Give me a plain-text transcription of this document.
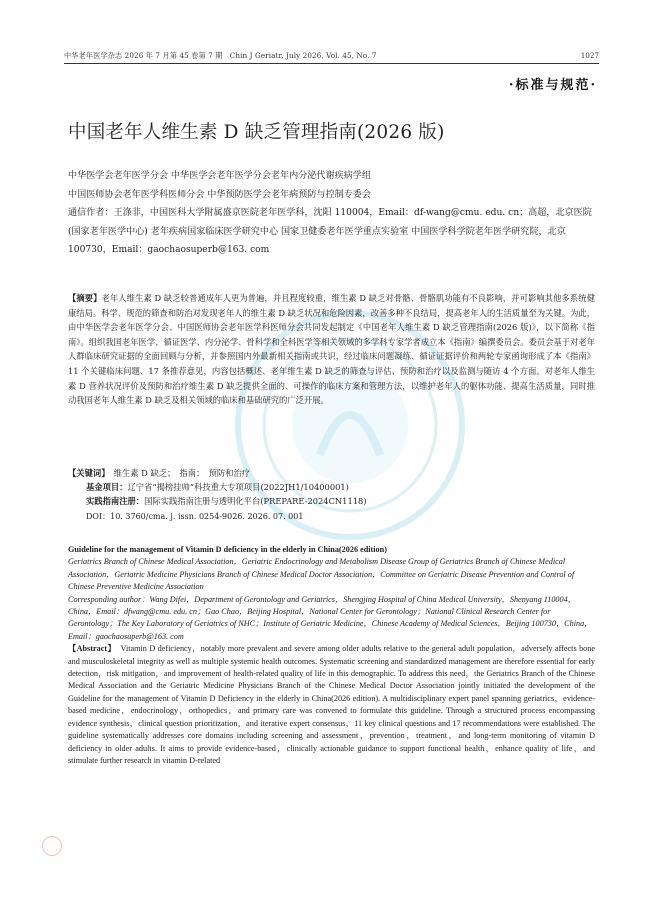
中华老年医学杂志 2026 年 7 月第 45 卷第 7 期　Chin J Geriatr, July 2026, Vol. 45, No. 7	1027
·标准与规范·
中国老年人维生素 D 缺乏管理指南(2026 版)

中华医学会老年医学分会 中华医学会老年医学分会老年内分泌代谢疾病学组

中国医师协会老年医学科医师分会 中华预防医学会老年病预防与控制专委会

通信作者：王涤非，中国医科大学附属盛京医院老年医学科，沈阳 110004，Email：df-wang@cmu. edu. cn；高超，北京医院(国家老年医学中心) 老年疾病国家临床医学研究中心 国家卫健委老年医学重点实验室 中国医学科学院老年医学研究院，北京 100730，Email：gaochaosuperb@163. com

【摘要】老年人维生素 D 缺乏较普通成年人更为普遍，并且程度较重，维生素 D 缺乏对骨骼、骨骼肌功能有不良影响，并可影响其他多系统健康结局。科学、规范的筛查和防治对发现老年人的维生素 D 缺乏状况和危险因素，改善多种不良结局，提高老年人的生活质量至为关键。为此，由中华医学会老年医学分会、中国医师协会老年医学科医师分会共同发起制定《中国老年人维生素 D 缺乏管理指南(2026 版)》，以下简称《指南》。组织我国老年医学、循证医学、内分泌学、骨科学和全科医学等相关领域的多学科专家学者成立本《指南》编撰委员会。委员会基于对老年人群临床研究证据的全面回顾与分析，并参照国内外最新相关指南或共识，经过临床问题凝练、循证证据评价和两轮专家函询形成了本《指南》11 个关键临床问题、17 条推荐意见，内容包括概述、老年维生素 D 缺乏的筛查与评估、预防和治疗以及监测与随访 4 个方面。对老年人维生素 D 营养状况评价及预防和治疗维生素 D 缺乏提供全面的、可操作的临床方案和管理方法，以维护老年人的躯体功能、提高生活质量，同时推动我国老年人维生素 D 缺乏及相关领域的临床和基础研究的广泛开展。
【关键词】　 维生素 D 缺乏；　指南；　预防和治疗
基金项目：辽宁省“揭榜挂帅”科技重大专项项目(2022JH1/10400001)
实践指南注册：国际实践指南注册与透明化平台(PREPARE-2024CN1118)
DOI：10. 3760/cma. j. issn. 0254-9026. 2026. 07. 001

Guideline for the management of Vitamin D deficiency in the elderly in China(2026 edition)

Geriatrics Branch of Chinese Medical Association，Geriatric Endocrinology and Metabolism Disease Group of Geriatrics Branch of Chinese Medical Association，Geriatric Medicine Physicians Branch of Chinese Medical Doctor Association，Committee on Geriatric Disease Prevention and Control of Chinese Preventive Medicine Association

Corresponding author：Wang Difei，Department of Gerontology and Geriatrics，Shengjing Hospital of China Medical University，Shenyang 110004，China，Email：dfwang@cmu. edu. cn；Gao Chao，Beijing Hospital，National Center for Gerontology；National Clinical Research Center for Gerontology；The Key Laboratory of Geriatrics of NHC；Institute of Geriatric Medicine，Chinese Academy of Medical Sciences，Beijing 100730，China，Email：gaochaosuperb@163. com

【Abstract】　 Vitamin D deficiency，notably more prevalent and severe among older adults relative to the general adult population，adversely affects bone and musculoskeletal integrity as well as multiple systemic health outcomes. Systematic screening and standardized management are therefore essential for early detection，risk mitigation，and improvement of health-related quality of life in this demographic. To address this need，the Geriatrics Branch of the Chinese Medical Association and the Geriatric Medicine Physicians Branch of the Chinese Medical Doctor Association jointly initiated the development of the Guideline for the management of Vitamin D Deficiency in the elderly in China(2026 edition). A multidisciplinary expert panel spanning geriatrics，evidence-based medicine，endocrinology，orthopedics，and primary care was convened to formulate this guideline. Through a structured process encompassing evidence synthesis，clinical question prioritization，and iterative expert consensus，11 key clinical questions and 17 recommendations were established. The guideline systematically addresses core domains including screening and assessment，prevention，treatment，and long-term monitoring of vitamin D deficiency in older adults. It aims to provide evidence-based，clinically actionable guidance to support functional health，enhance quality of life，and stimulate further research in vitamin D-related
